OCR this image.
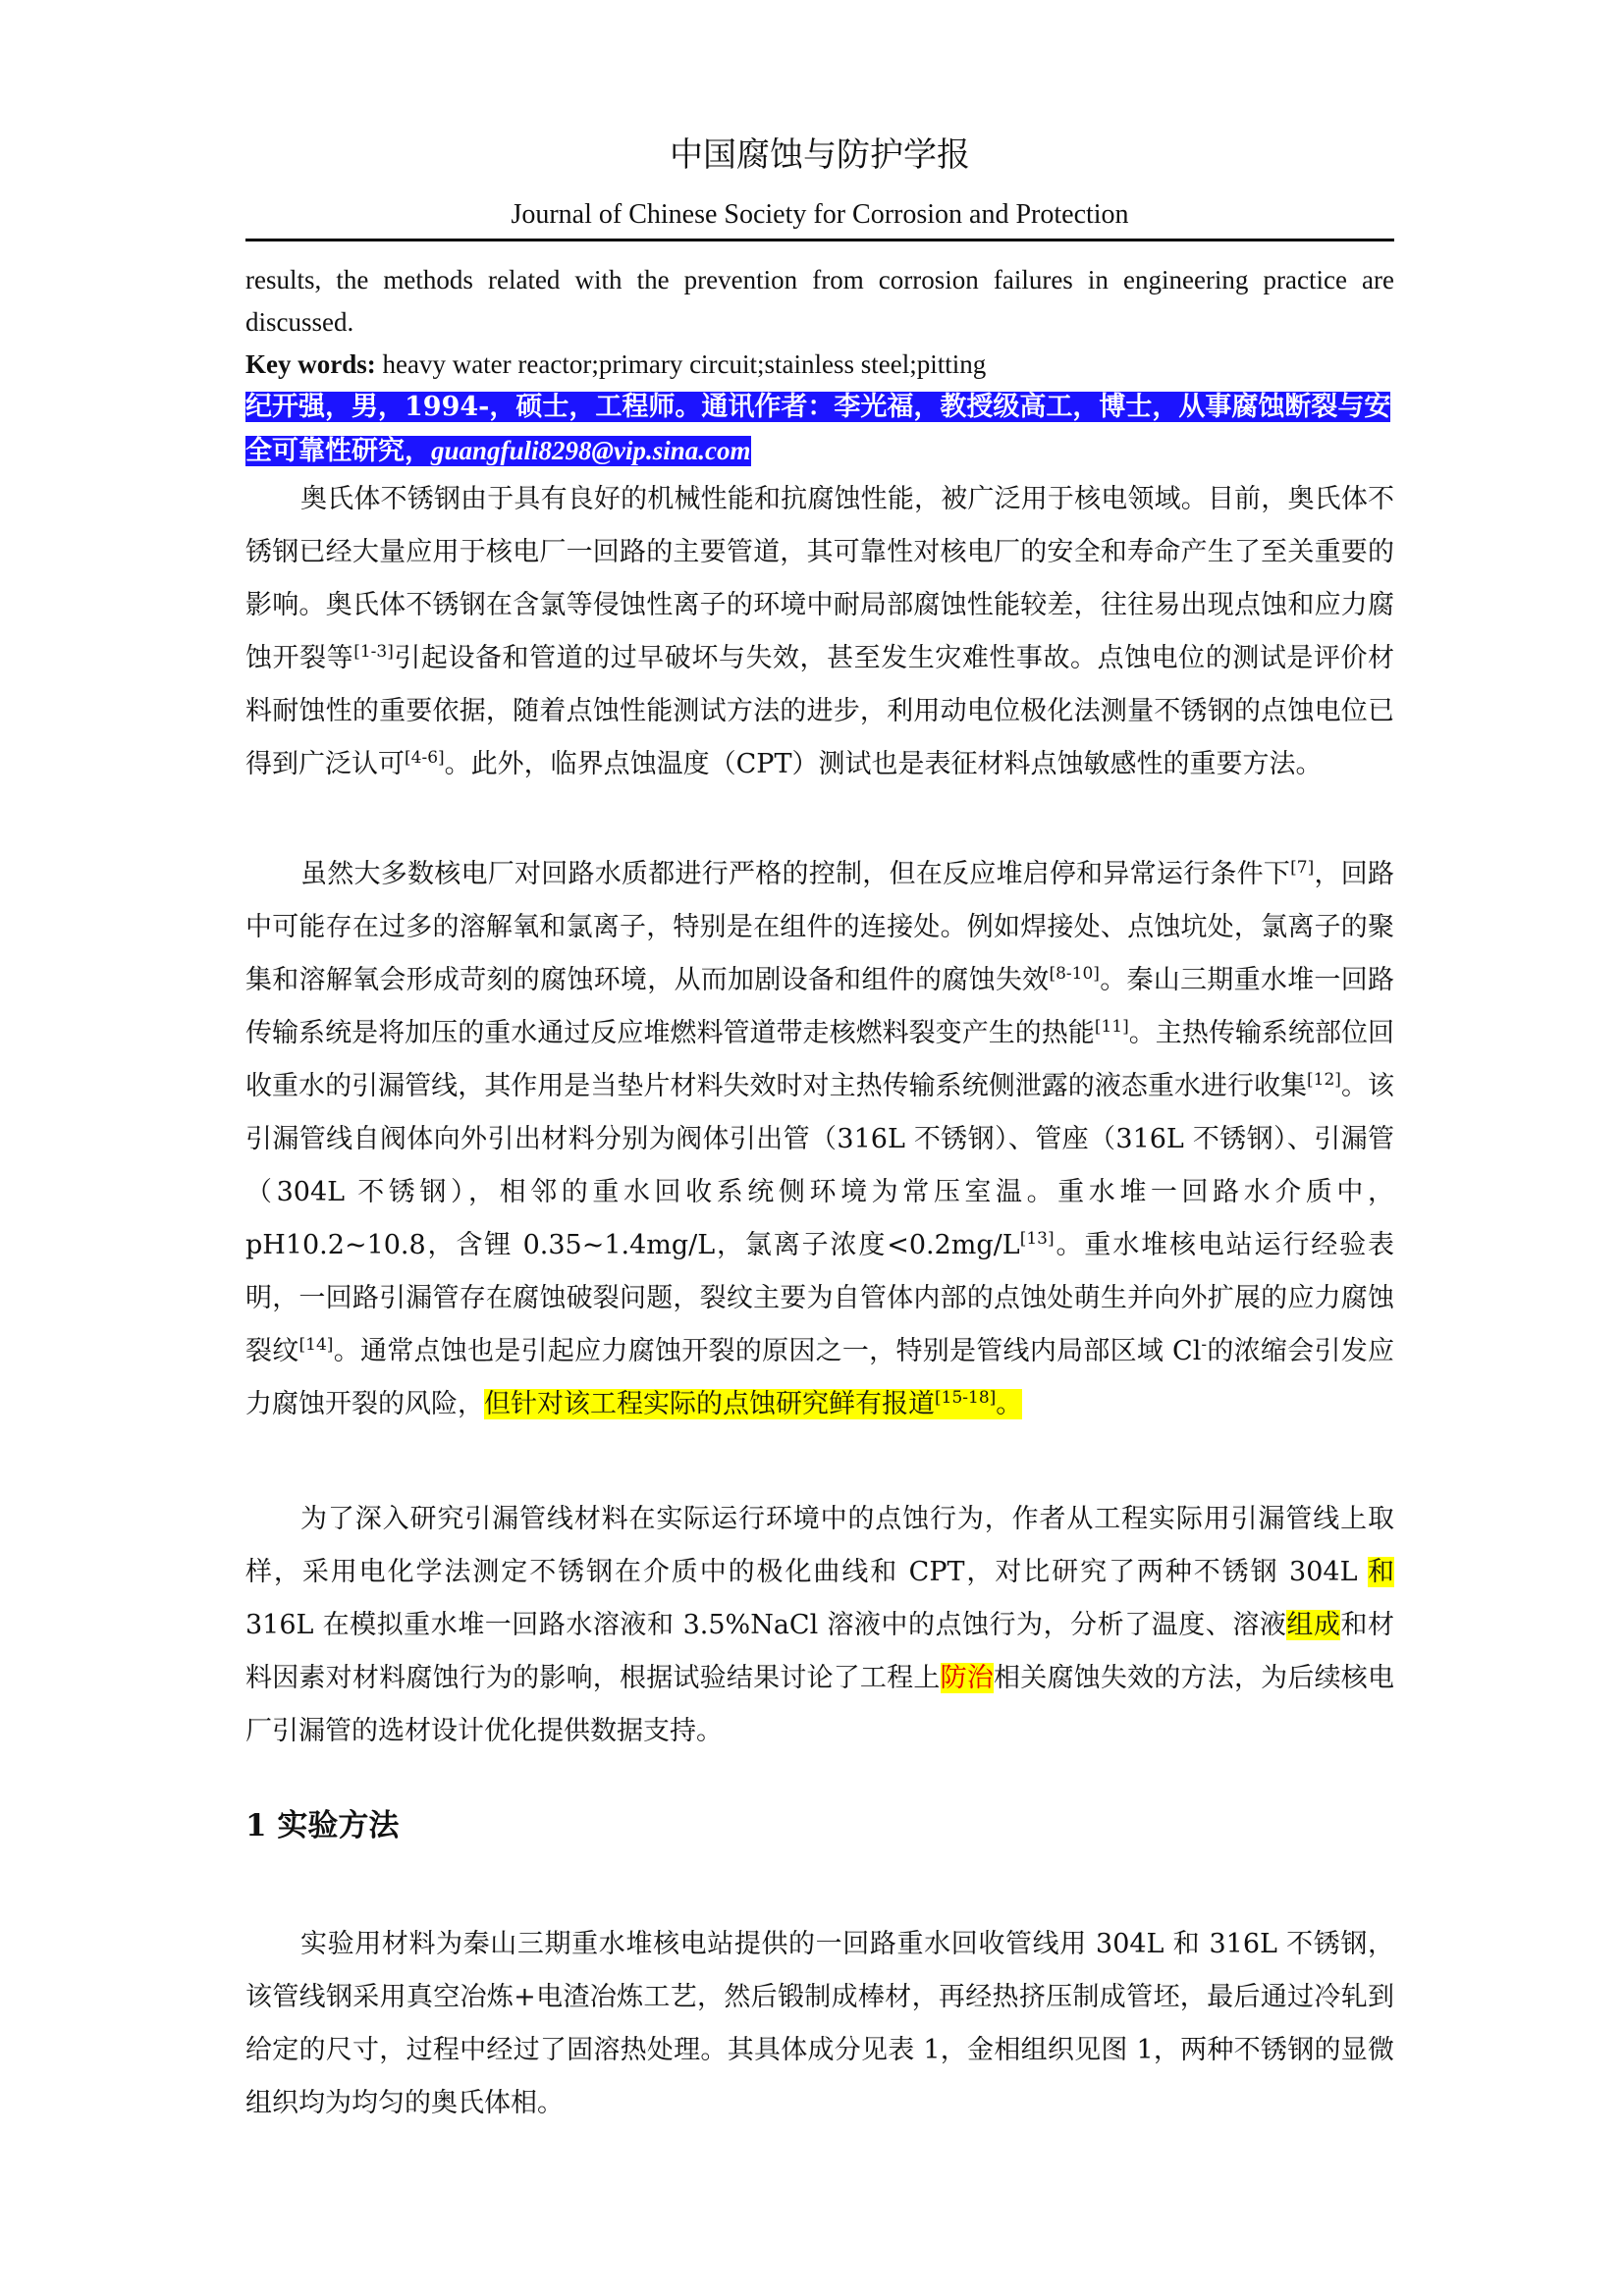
中国腐蚀与防护学报
Journal of Chinese Society for Corrosion and Protection
results, the methods related with the prevention from corrosion failures in engineering practice are discussed.
Key words: heavy water reactor;primary circuit;stainless steel;pitting
纪开强，男，1994-，硕士，工程师。通讯作者：李光福，教授级高工，博士，从事腐蚀断裂与安全可靠性研究，guangfuli8298@vip.sina.com
奥氏体不锈钢由于具有良好的机械性能和抗腐蚀性能，被广泛用于核电领域。目前，奥氏体不锈钢已经大量应用于核电厂一回路的主要管道，其可靠性对核电厂的安全和寿命产生了至关重要的影响。奥氏体不锈钢在含氯等侵蚀性离子的环境中耐局部腐蚀性能较差，往往易出现点蚀和应力腐蚀开裂等[1-3]引起设备和管道的过早破坏与失效，甚至发生灾难性事故。点蚀电位的测试是评价材料耐蚀性的重要依据，随着点蚀性能测试方法的进步，利用动电位极化法测量不锈钢的点蚀电位已得到广泛认可[4-6]。此外，临界点蚀温度（CPT）测试也是表征材料点蚀敏感性的重要方法。
虽然大多数核电厂对回路水质都进行严格的控制，但在反应堆启停和异常运行条件下[7]，回路中可能存在过多的溶解氧和氯离子，特别是在组件的连接处。例如焊接处、点蚀坑处，氯离子的聚集和溶解氧会形成苛刻的腐蚀环境，从而加剧设备和组件的腐蚀失效[8-10]。秦山三期重水堆一回路传输系统是将加压的重水通过反应堆燃料管道带走核燃料裂变产生的热能[11]。主热传输系统部位回收重水的引漏管线，其作用是当垫片材料失效时对主热传输系统侧泄露的液态重水进行收集[12]。该引漏管线自阀体向外引出材料分别为阀体引出管（316L 不锈钢）、管座（316L 不锈钢）、引漏管（304L 不锈钢），相邻的重水回收系统侧环境为常压室温。重水堆一回路水介质中，pH10.2~10.8，含锂 0.35~1.4mg/L，氯离子浓度<0.2mg/L[13]。重水堆核电站运行经验表明，一回路引漏管存在腐蚀破裂问题，裂纹主要为自管体内部的点蚀处萌生并向外扩展的应力腐蚀裂纹[14]。通常点蚀也是引起应力腐蚀开裂的原因之一，特别是管线内局部区域 Cl-的浓缩会引发应力腐蚀开裂的风险，但针对该工程实际的点蚀研究鲜有报道[15-18]。
为了深入研究引漏管线材料在实际运行环境中的点蚀行为，作者从工程实际用引漏管线上取样，采用电化学法测定不锈钢在介质中的极化曲线和 CPT，对比研究了两种不锈钢 304L 和 316L 在模拟重水堆一回路水溶液和 3.5%NaCl 溶液中的点蚀行为，分析了温度、溶液组成和材料因素对材料腐蚀行为的影响，根据试验结果讨论了工程上防治相关腐蚀失效的方法，为后续核电厂引漏管的选材设计优化提供数据支持。
1 实验方法
实验用材料为秦山三期重水堆核电站提供的一回路重水回收管线用 304L 和 316L 不锈钢，该管线钢采用真空冶炼+电渣冶炼工艺，然后锻制成棒材，再经热挤压制成管坯，最后通过冷轧到给定的尺寸，过程中经过了固溶热处理。其具体成分见表 1，金相组织见图 1，两种不锈钢的显微组织均为均匀的奥氏体相。
